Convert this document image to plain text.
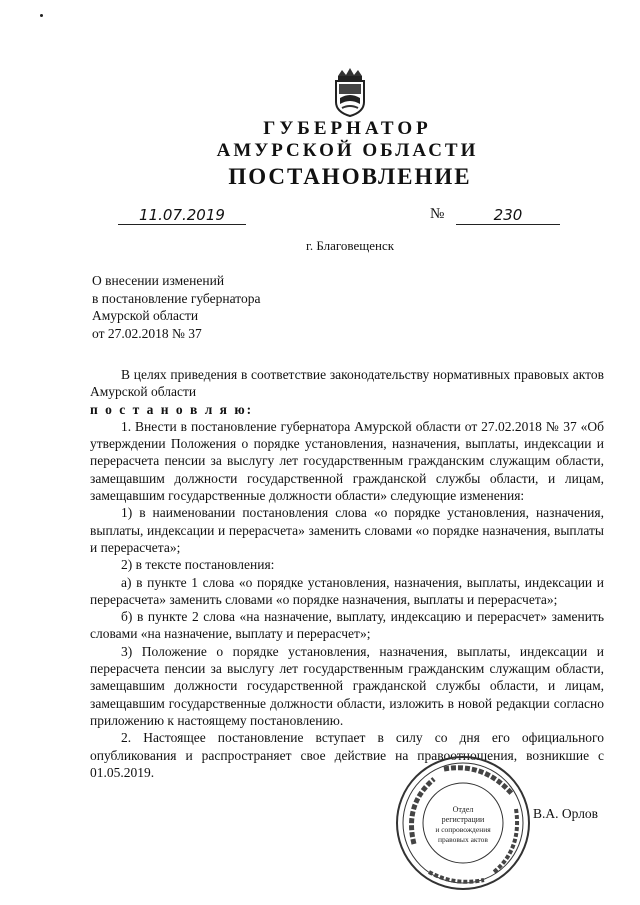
ГУБЕРНАТОР
АМУРСКОЙ ОБЛАСТИ
ПОСТАНОВЛЕНИЕ
11.07.2019	№	230
г. Благовещенск
О внесении изменений
в постановление губернатора
Амурской области
от 27.02.2018 № 37

В целях приведения в соответствие законодательству нормативных правовых актов Амурской области

п о с т а н о в л я ю:

1. Внести в постановление губернатора Амурской области от 27.02.2018 № 37 «Об утверждении Положения о порядке установления, назначения, выплаты, индексации и перерасчета пенсии за выслугу лет государственным гражданским служащим области, замещавшим должности государственной гражданской службы области, и лицам, замещавшим государственные должности области» следующие изменения:

1) в наименовании постановления слова «о порядке установления, назначения, выплаты, индексации и перерасчета» заменить словами «о порядке назначения, выплаты и перерасчета»;

2) в тексте постановления:

а) в пункте 1 слова «о порядке установления, назначения, выплаты, индексации и перерасчета» заменить словами «о порядке назначения, выплаты и перерасчета»;

б) в пункте 2 слова «на назначение, выплату, индексацию и перерасчет» заменить словами «на назначение, выплату и перерасчет»;

3) Положение о порядке установления, назначения, выплаты, индексации и перерасчета пенсии за выслугу лет государственным гражданским служащим области, замещавшим должности государственной гражданской службы области, и лицам, замещавшим государственные должности области, изложить в новой редакции согласно приложению к настоящему постановлению.

2. Настоящее постановление вступает в силу со дня его официального опубликования и распространяет свое действие на правоотношения, возникшие с 01.05.2019.

Отдел
регистрации
и сопровождения
правовых актов
В.А. Орлов
